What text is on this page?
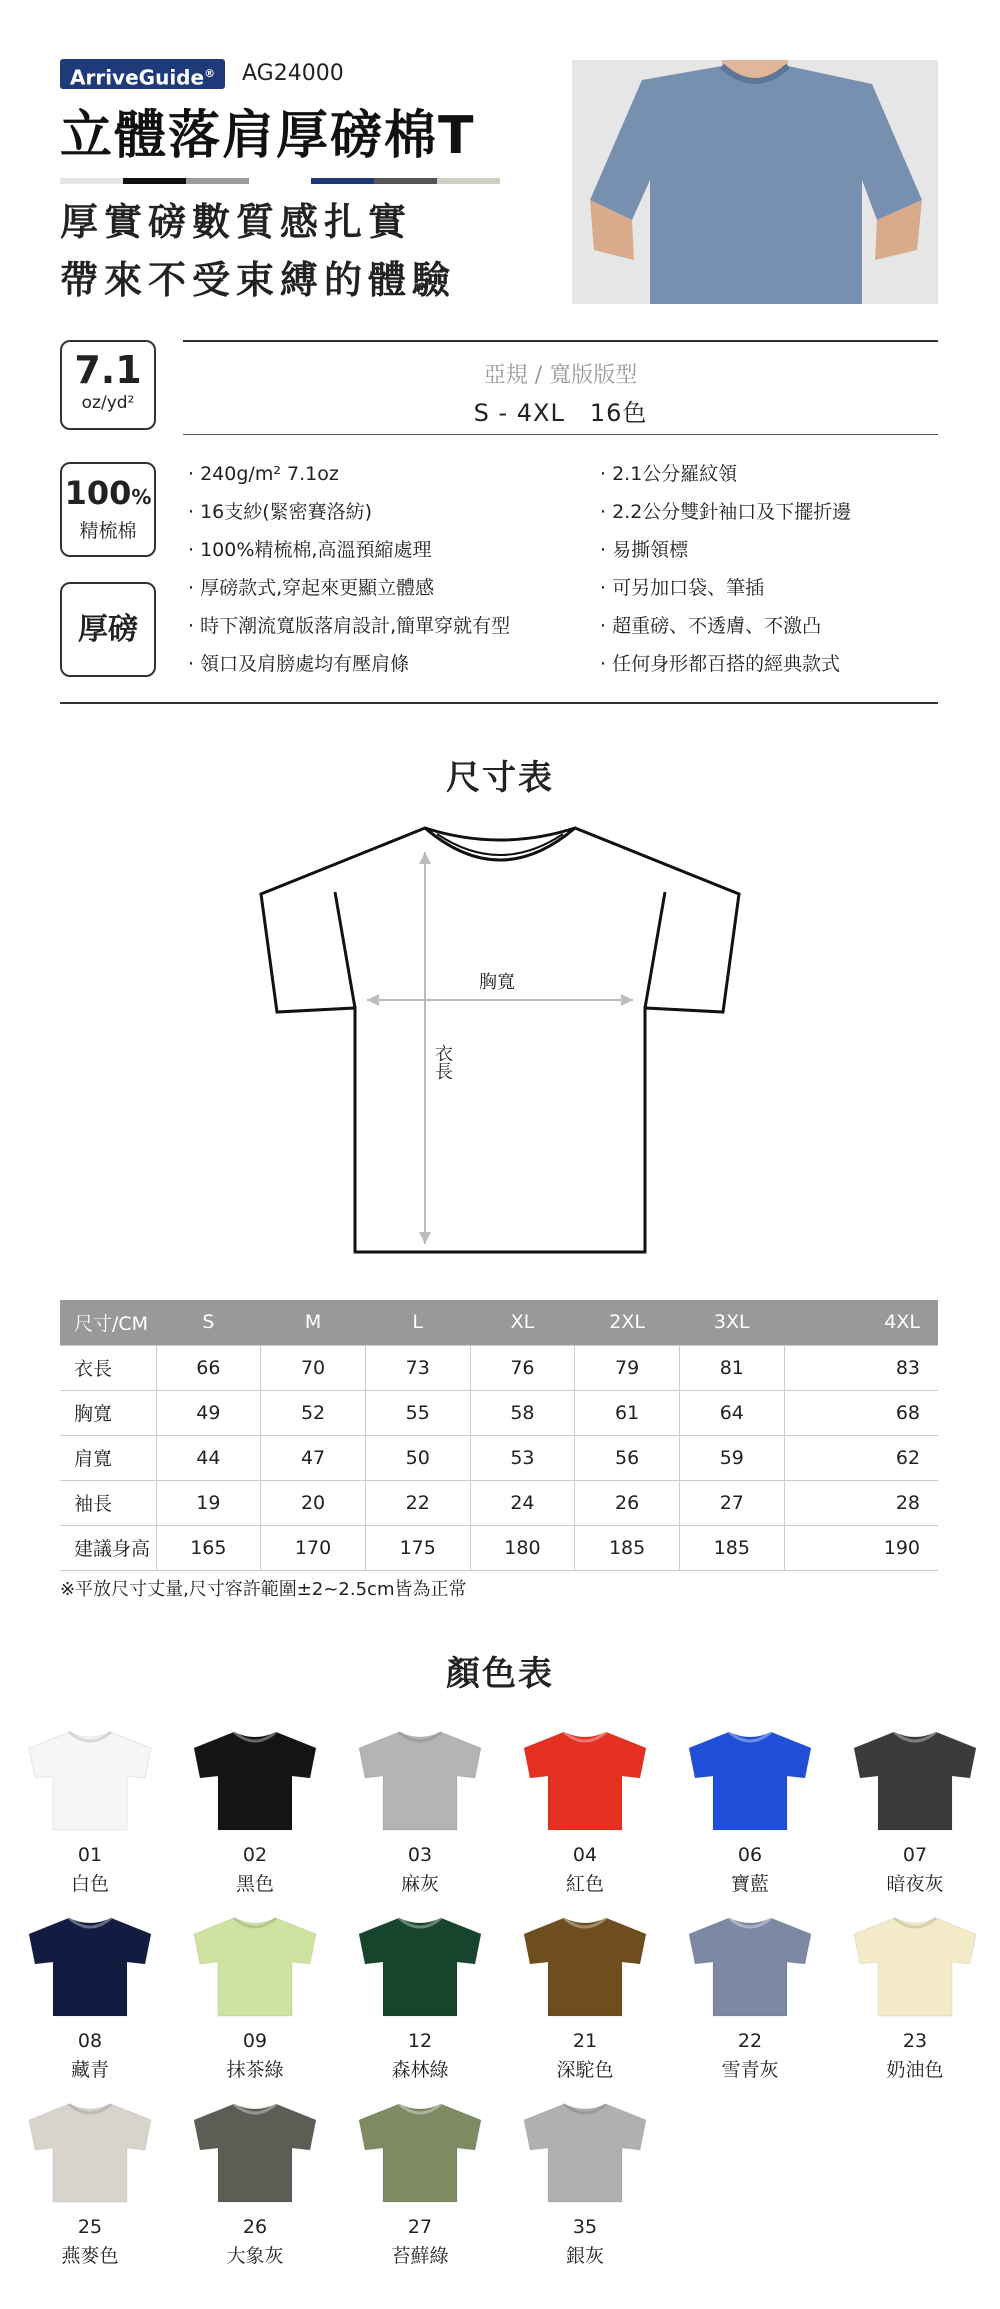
ArriveGuide®	AG24000
立體落肩厚磅棉T
厚實磅數質感扎實
帶來不受束縛的體驗
7.1
oz/yd²
亞規 / 寬版版型
S - 4XL　16色
100%
精梳棉
厚磅
· 240g/m² 7.1oz
· 16支紗(緊密賽洛紡)
· 100%精梳棉,高溫預縮處理
· 厚磅款式,穿起來更顯立體感
· 時下潮流寬版落肩設計,簡單穿就有型
· 領口及肩膀處均有壓肩條
· 2.1公分羅紋領
· 2.2公分雙針袖口及下擺折邊
· 易撕領標
· 可另加口袋、筆插
· 超重磅、不透膚、不激凸
· 任何身形都百搭的經典款式
尺寸表
胸寬
衣長
尺寸/CM	S	M	L	XL	2XL	3XL	4XL
衣長	66	70	73	76	79	81	83
胸寬	49	52	55	58	61	64	68
肩寬	44	47	50	53	56	59	62
袖長	19	20	22	24	26	27	28
建議身高	165	170	175	180	185	185	190
※平放尺寸丈量,尺寸容許範圍±2~2.5cm皆為正常
顏色表
01
白色
02
黑色
03
麻灰
04
紅色
06
寶藍
07
暗夜灰
08
藏青
09
抹茶綠
12
森林綠
21
深駝色
22
雪青灰
23
奶油色
25
燕麥色
26
大象灰
27
苔蘚綠
35
銀灰
